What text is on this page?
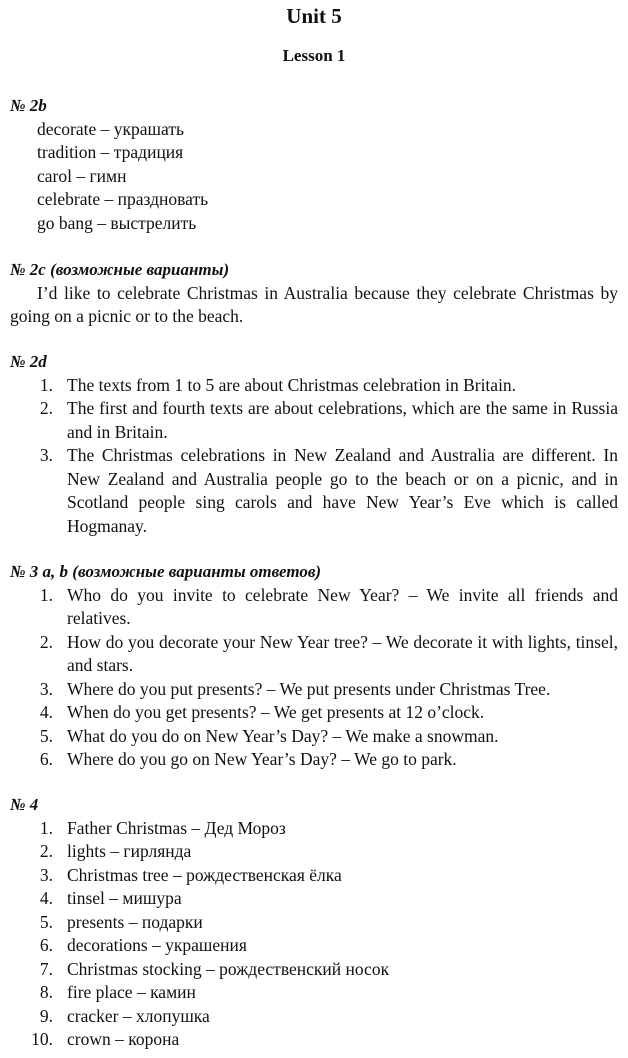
Unit 5
Lesson 1
№ 2b
decorate – украшать
tradition – традиция
carol – гимн
celebrate – праздновать
go bang – выстрелить
№ 2c (возможные варианты)

I’d like to celebrate Christmas in Australia because they celebrate Christmas by going on a picnic or to the beach.

№ 2d
1. The texts from 1 to 5 are about Christmas celebration in Britain.
2. The first and fourth texts are about celebrations, which are the same in Russia and in Britain.
3. The Christmas celebrations in New Zealand and Australia are different. In New Zealand and Australia people go to the beach or on a picnic, and in Scotland people sing carols and have New Year’s Eve which is called Hogmanay.
№ 3 a, b (возможные варианты ответов)
1. Who do you invite to celebrate New Year? – We invite all friends and relatives.
2. How do you decorate your New Year tree? – We decorate it with lights, tinsel, and stars.
3. Where do you put presents? – We put presents under Christmas Tree.
4. When do you get presents? – We get presents at 12 o’clock.
5. What do you do on New Year’s Day? – We make a snowman.
6. Where do you go on New Year’s Day? – We go to park.
№ 4
1. Father Christmas – Дед Мороз
2. lights – гирлянда
3. Christmas tree – рождественская ёлка
4. tinsel – мишура
5. presents – подарки
6. decorations – украшения
7. Christmas stocking – рождественский носок
8. fire place – камин
9. cracker – хлопушка
10. crown – корона
